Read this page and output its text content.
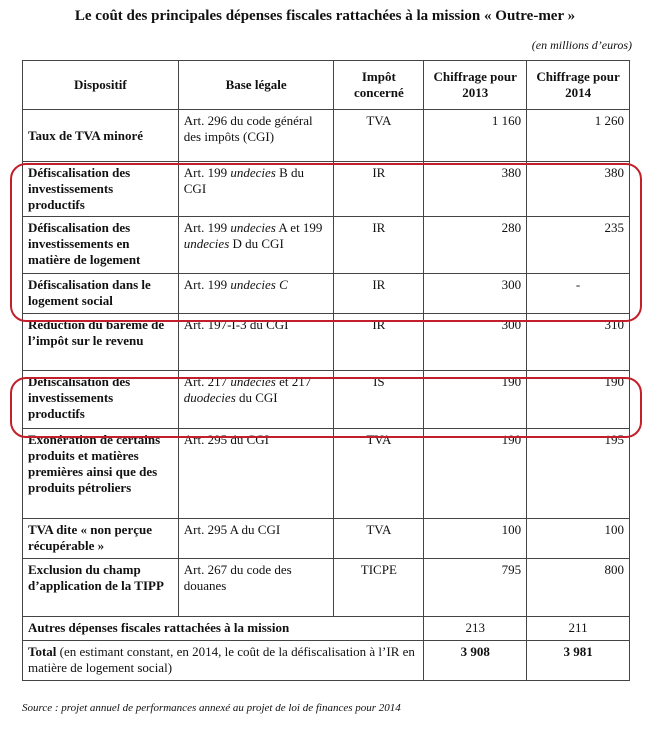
Le coût des principales dépenses fiscales rattachées à la mission « Outre-mer »
(en millions d’euros)
Dispositif	Base légale	Impôt concerné	Chiffrage pour 2013	Chiffrage pour 2014
Taux de TVA minoré	Art. 296 du code général des impôts (CGI)	TVA	1 160	1 260
Défiscalisation des investissements productifs	Art. 199 undecies B du CGI	IR	380	380
Défiscalisation des investissements en matière de logement	Art. 199 undecies A et 199 undecies D du CGI	IR	280	235
Défiscalisation dans le logement social	Art. 199 undecies C	IR	300	-
Réduction du barème de l’impôt sur le revenu	Art. 197-I-3 du CGI	IR	300	310
Défiscalisation des investissements productifs	Art. 217 undecies et 217 duodecies du CGI	IS	190	190
Exonération de certains produits et matières premières ainsi que des produits pétroliers	Art. 295 du CGI	TVA	190	195
TVA dite « non perçue récupérable »	Art. 295 A du CGI	TVA	100	100
Exclusion du champ d’application de la TIPP	Art. 267 du code des douanes	TICPE	795	800
Autres dépenses fiscales rattachées à la mission			213	211
Total (en estimant constant, en 2014, le coût de la défiscalisation à l’IR en matière de logement social)			3 908	3 981
Source : projet annuel de performances annexé au projet de loi de finances pour 2014
